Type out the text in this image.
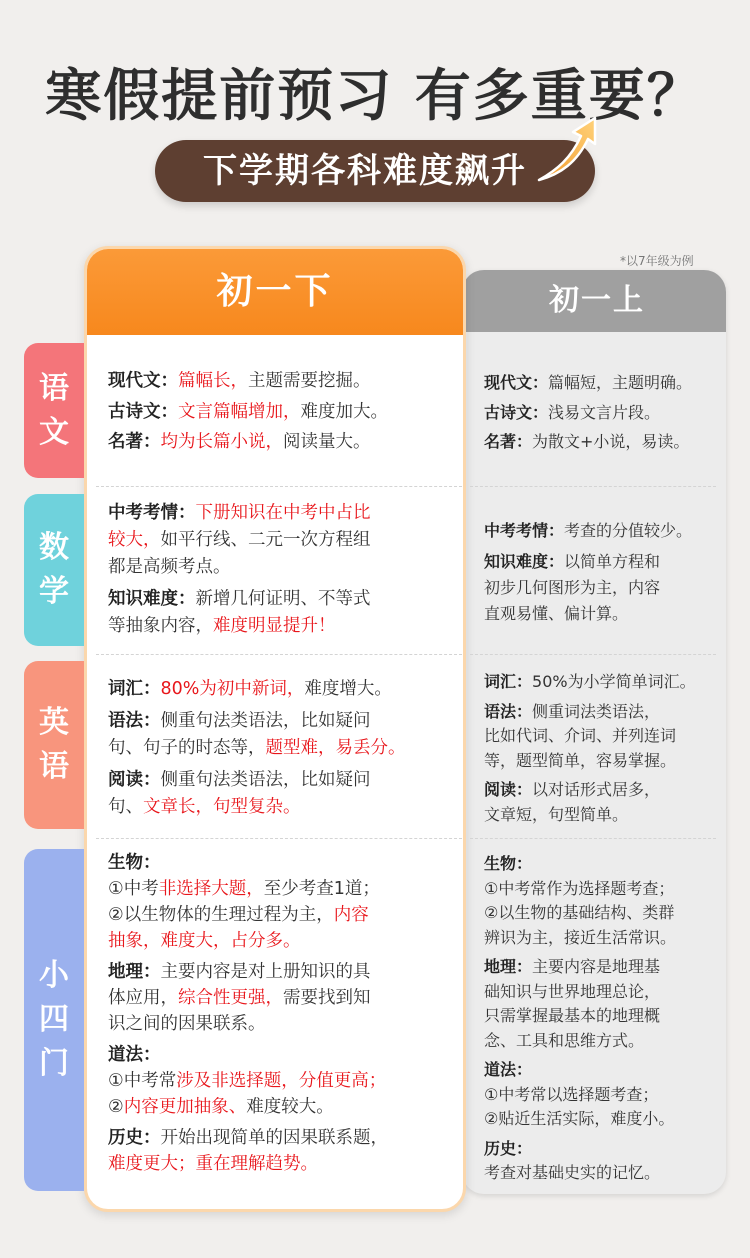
寒假提前预习 有多重要？
下学期各科难度飙升
*以7年级为例
初一上
初一下
语
文
数
学
英
语
小
四
门

现代文：篇幅长，主题需要挖掘。

古诗文：文言篇幅增加，难度加大。

名著：均为长篇小说，阅读量大。

中考考情：下册知识在中考中占比

较大，如平行线、二元一次方程组

都是高频考点。

知识难度：新增几何证明、不等式

等抽象内容，难度明显提升！

词汇：80%为初中新词，难度增大。

语法：侧重句法类语法，比如疑问

句、句子的时态等，题型难，易丢分。

阅读：侧重句法类语法，比如疑问

句、文章长，句型复杂。

生物：

①中考非选择大题，至少考查1道；

②以生物体的生理过程为主，内容

抽象，难度大，占分多。

地理：主要内容是对上册知识的具

体应用，综合性更强，需要找到知

识之间的因果联系。

道法：

①中考常涉及非选择题，分值更高；

②内容更加抽象、难度较大。

历史：开始出现简单的因果联系题，

难度更大；重在理解趋势。

现代文：篇幅短，主题明确。

古诗文：浅易文言片段。

名著：为散文+小说，易读。

中考考情：考查的分值较少。

知识难度：以简单方程和

初步几何图形为主，内容

直观易懂、偏计算。

词汇：50%为小学简单词汇。

语法：侧重词法类语法，

比如代词、介词、并列连词

等，题型简单，容易掌握。

阅读：以对话形式居多，

文章短，句型简单。

生物：

①中考常作为选择题考查；

②以生物的基础结构、类群

辨识为主，接近生活常识。

地理：主要内容是地理基

础知识与世界地理总论，

只需掌握最基本的地理概

念、工具和思维方式。

道法：

①中考常以选择题考查；

②贴近生活实际，难度小。

历史：

考查对基础史实的记忆。
